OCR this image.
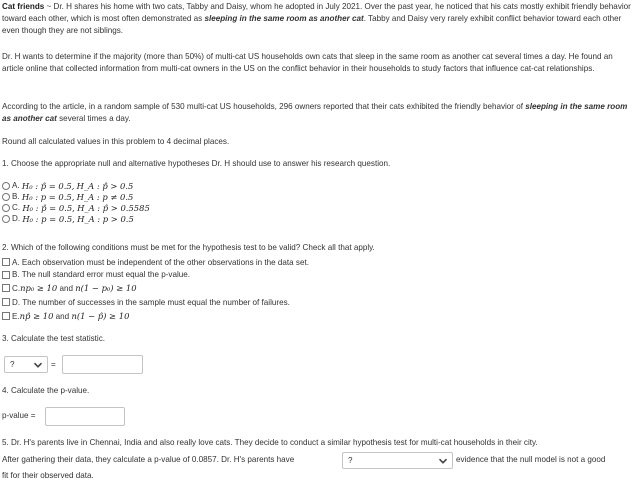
Cat friends ~ Dr. H shares his home with two cats, Tabby and Daisy, whom he adopted in July 2021. Over the past year, he noticed that his cats mostly exhibit friendly behavior toward each other, which is most often demonstrated as sleeping in the same room as another cat. Tabby and Daisy very rarely exhibit conflict behavior toward each other even though they are not siblings.

Dr. H wants to determine if the majority (more than 50%) of multi-cat US households own cats that sleep in the same room as another cat several times a day. He found an article online that collected information from multi-cat owners in the US on the conflict behavior in their households to study factors that influence cat-cat relationships.

According to the article, in a random sample of 530 multi-cat US households, 296 owners reported that their cats exhibited the friendly behavior of sleeping in the same room as another cat several times a day.

Round all calculated values in this problem to 4 decimal places.

1. Choose the appropriate null and alternative hypotheses Dr. H should use to answer his research question.

A.
H₀ : p̂ = 0.5,
H_A : p̂ > 0.5
B.
H₀ : p = 0.5,
H_A : p ≠ 0.5
C.
H₀ : p̂ = 0.5,
H_A : p̂ > 0.5585
D.
H₀ : p = 0.5,
H_A : p > 0.5

2. Which of the following conditions must be met for the hypothesis test to be valid? Check all that apply.

A. Each observation must be independent of the other observations in the data set.
B. The null standard error must equal the p-value.
C. np₀ ≥ 10 and n(1 − p₀) ≥ 10
D. The number of successes in the sample must equal the number of failures.
E. np̂ ≥ 10 and n(1 − p̂) ≥ 10

3. Calculate the test statistic.

?	=

4. Calculate the p-value.

p-value =

5. Dr. H's parents live in Chennai, India and also really love cats. They decide to conduct a similar hypothesis test for multi-cat households in their city.

After gathering their data, they calculate a p-value of 0.0857. Dr. H's parents have	?	evidence that the null model is not a good
fit for their observed data.
